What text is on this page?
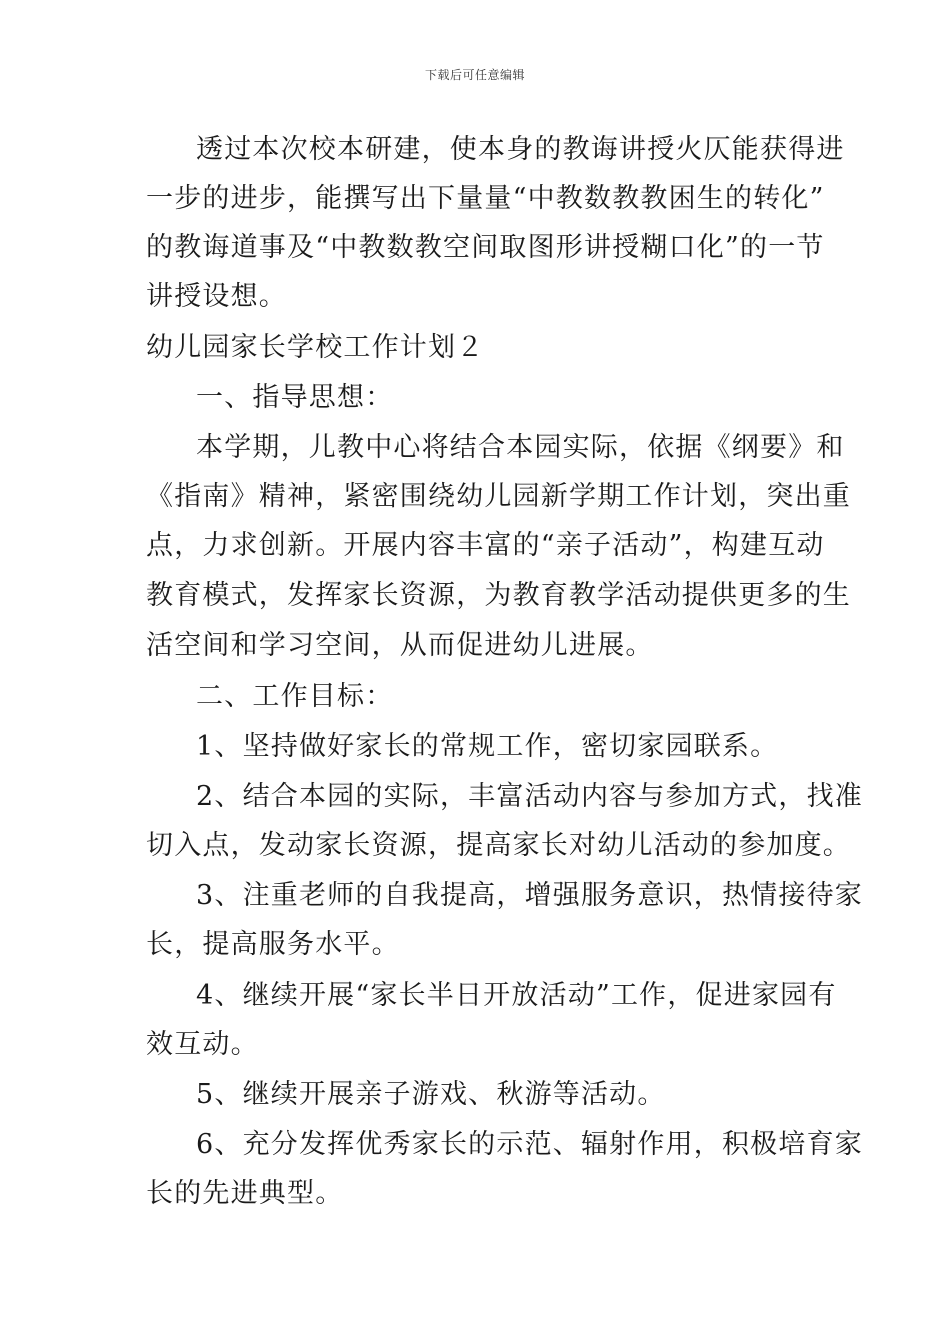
下载后可任意编辑
透过本次校本研建，使本身的教诲讲授火仄能获得进
一步的进步，能撰写出下量量“中教数教教困生的转化”
的教诲道事及“中教数教空间取图形讲授糊口化”的一节
讲授设想。
幼儿园家长学校工作计划２
一、指导思想：
本学期，儿教中心将结合本园实际，依据《纲要》和
《指南》精神，紧密围绕幼儿园新学期工作计划，突出重
点，力求创新。开展内容丰富的“亲子活动”，构建互动
教育模式，发挥家长资源，为教育教学活动提供更多的生
活空间和学习空间，从而促进幼儿进展。
二、工作目标：
1、坚持做好家长的常规工作，密切家园联系。
2、结合本园的实际，丰富活动内容与参加方式，找准
切入点，发动家长资源，提高家长对幼儿活动的参加度。
3、注重老师的自我提高，增强服务意识，热情接待家
长，提高服务水平。
4、继续开展“家长半日开放活动”工作，促进家园有
效互动。
5、继续开展亲子游戏、秋游等活动。
6、充分发挥优秀家长的示范、辐射作用，积极培育家
长的先进典型。
